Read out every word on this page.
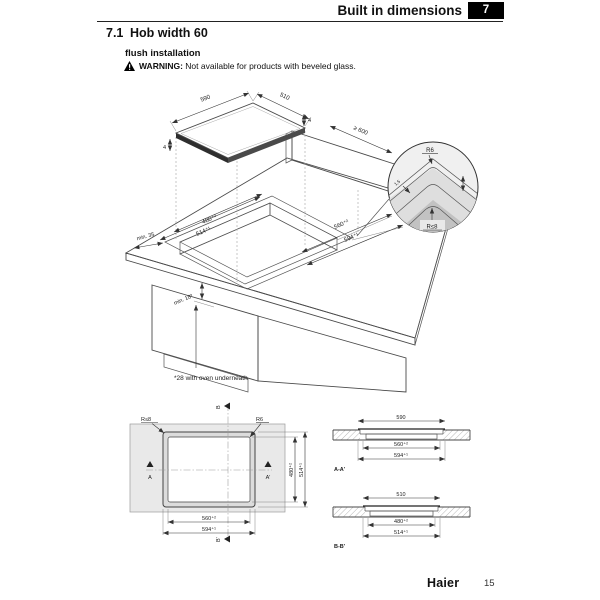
Built in dimensions	7
7.1 Hob width 60
flush installation
WARNING: Not available for products with beveled glass.
590	510
4
4
≥ 600
480⁺²
514⁺¹
560⁺²
594⁺¹
min. 35
min. 18*
*28 with oven underneath
R6
R≤8
1,5
R≤8	R6
B
B'
A	A'
480⁺² 514⁺¹
560⁺²
594⁺¹
590
560⁺²
594⁺¹
A-A'
510
480⁺²
514⁺¹
B-B'
Haier	15
